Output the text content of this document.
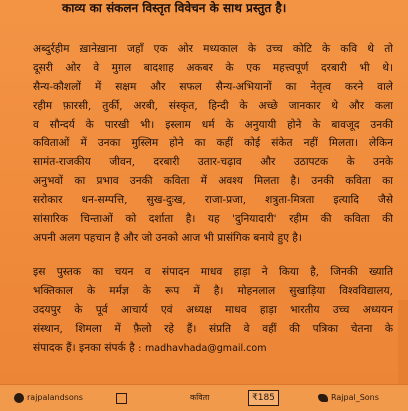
काव्य का संकलन विस्तृत विवेचन के साथ प्रस्तुत है।
अब्दुर्रहीम ख़ानेख़ाना जहाँ एक ओर मध्यकाल के उच्च कोटि के कवि थे तो
दूसरी ओर वे मुग़ल बादशाह अकबर के एक महत्त्वपूर्ण दरबारी भी थे।
सैन्य-कौशलों में सक्षम और सफल सैन्य-अभियानों का नेतृत्व करने वाले
रहीम फ़ारसी, तुर्की, अरबी, संस्कृत, हिन्दी के अच्छे जानकार थे और कला
व सौन्दर्य के पारखी भी। इस्लाम धर्म के अनुयायी होने के बावजूद उनकी
कविताओं में उनका मुस्लिम होने का कहीं कोई संकेत नहीं मिलता। लेकिन
सामंत-राजकीय जीवन, दरबारी उतार-चढ़ाव और उठापटक के उनके
अनुभवों का प्रभाव उनकी कविता में अवश्य मिलता है। उनकी कविता का
सरोकार धन-सम्पत्ति, सुख-दुःख, राजा-प्रजा, शत्रुता-मित्रता इत्यादि जैसे
सांसारिक चिन्ताओं को दर्शाता है। यह 'दुनियादारी' रहीम की कविता की
अपनी अलग पहचान है और जो उनको आज भी प्रासंगिक बनाये हुए है।
इस पुस्तक का चयन व संपादन माधव हाड़ा ने किया है, जिनकी ख्याति
भक्तिकाल के मर्मज्ञ के रूप में है। मोहनलाल सुखाड़िया विश्वविद्यालय,
उदयपुर के पूर्व आचार्य एवं अध्यक्ष माधव हाड़ा भारतीय उच्च अध्ययन
संस्थान, शिमला में फ़ैलो रहे हैं। संप्रति वे वहीं की पत्रिका चेतना के
संपादक हैं। इनका संपर्क है : madhavhada@gmail.com
rajpalandsons	कविता	₹185	Rajpal_Sons
